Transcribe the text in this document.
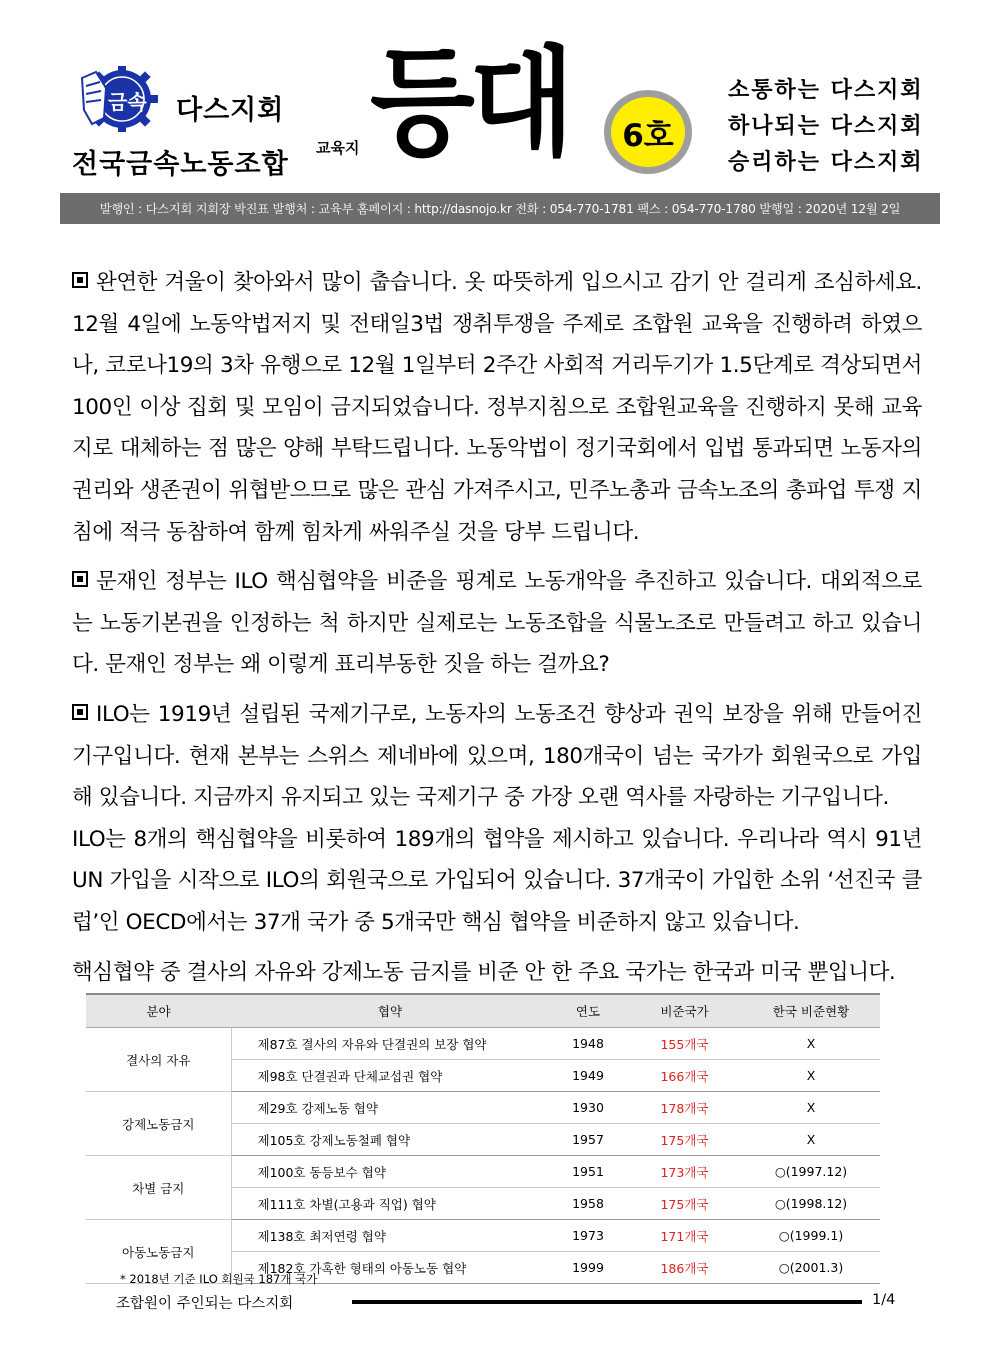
금속 다스지회
전국금속노동조합
교육지 등대	6호
소통하는 다스지회
하나되는 다스지회
승리하는 다스지회
발행인 : 다스지회 지회장 박진표 발행처 : 교육부 홈페이지 : http://dasnojo.kr 전화 : 054-770-1781 팩스 : 054-770-1780 발행일 : 2020년 12월 2일

완연한 겨울이 찾아와서 많이 춥습니다. 옷 따뜻하게 입으시고 감기 안 걸리게 조심하세요. 12월 4일에 노동악법저지 및 전태일3법 쟁취투쟁을 주제로 조합원 교육을 진행하려 하였으나, 코로나19의 3차 유행으로 12월 1일부터 2주간 사회적 거리두기가 1.5단계로 격상되면서 100인 이상 집회 및 모임이 금지되었습니다. 정부지침으로 조합원교육을 진행하지 못해 교육지로 대체하는 점 많은 양해 부탁드립니다. 노동악법이 정기국회에서 입법 통과되면 노동자의 권리와 생존권이 위협받으므로 많은 관심 가져주시고, 민주노총과 금속노조의 총파업 투쟁 지침에 적극 동참하여 함께 힘차게 싸워주실 것을 당부 드립니다.

문재인 정부는 ILO 핵심협약을 비준을 핑계로 노동개악을 추진하고 있습니다. 대외적으로는 노동기본권을 인정하는 척 하지만 실제로는 노동조합을 식물노조로 만들려고 하고 있습니다. 문재인 정부는 왜 이렇게 표리부동한 짓을 하는 걸까요?

ILO는 1919년 설립된 국제기구로, 노동자의 노동조건 향상과 권익 보장을 위해 만들어진 기구입니다. 현재 본부는 스위스 제네바에 있으며, 180개국이 넘는 국가가 회원국으로 가입해 있습니다. 지금까지 유지되고 있는 국제기구 중 가장 오랜 역사를 자랑하는 기구입니다.

ILO는 8개의 핵심협약을 비롯하여 189개의 협약을 제시하고 있습니다. 우리나라 역시 91년 UN 가입을 시작으로 ILO의 회원국으로 가입되어 있습니다. 37개국이 가입한 소위 ‘선진국 클럽’인 OECD에서는 37개 국가 중 5개국만 핵심 협약을 비준하지 않고 있습니다.

핵심협약 중 결사의 자유와 강제노동 금지를 비준 안 한 주요 국가는 한국과 미국 뿐입니다.

분야	협약	연도	비준국가	한국 비준현황
결사의 자유	제87호 결사의 자유와 단결권의 보장 협약	1948	155개국	X
	제98호 단결권과 단체교섭권 협약	1949	166개국	X
강제노동금지	제29호 강제노동 협약	1930	178개국	X
	제105호 강제노동철폐 협약	1957	175개국	X
차별 금지	제100호 동등보수 협약	1951	173개국	○(1997.12)
	제111호 차별(고용과 직업) 협약	1958	175개국	○(1998.12)
아동노동금지	제138호 최저연령 협약	1973	171개국	○(1999.1)
	제182호 가혹한 형태의 아동노동 협약	1999	186개국	○(2001.3)
* 2018년 기준 ILO 회원국 187개 국가
조합원이 주인되는 다스지회	1/4
